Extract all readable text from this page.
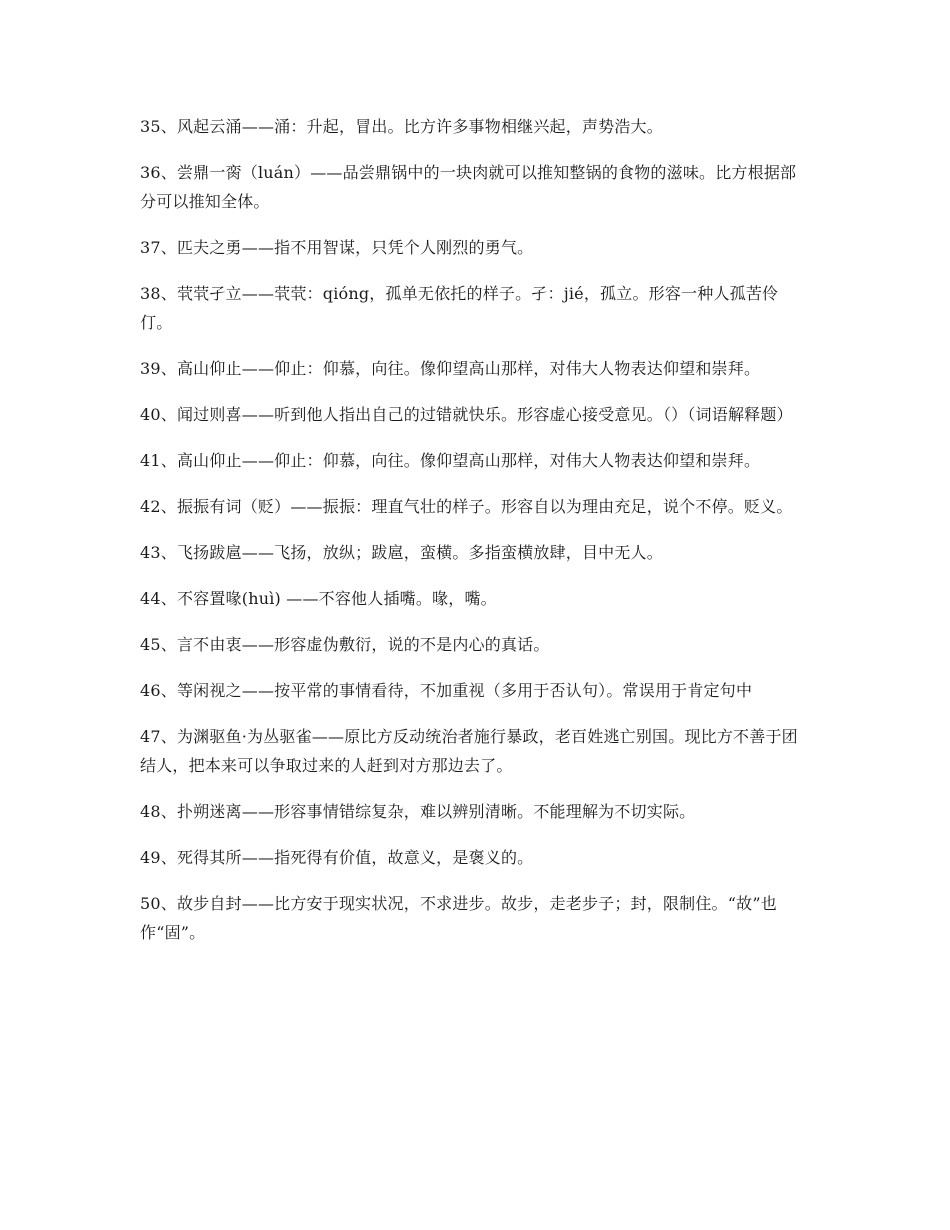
35、风起云涌——涌：升起，冒出。比方许多事物相继兴起，声势浩大。
36、尝鼎一脔（luán）——品尝鼎锅中的一块肉就可以推知整锅的食物的滋味。比方根据部分可以推知全体。
37、匹夫之勇——指不用智谋，只凭个人刚烈的勇气。
38、茕茕孑立——茕茕：qióng，孤单无依托的样子。孑：jié，孤立。形容一种人孤苦伶仃。
39、高山仰止——仰止：仰慕，向往。像仰望高山那样，对伟大人物表达仰望和崇拜。
40、闻过则喜——听到他人指出自己的过错就快乐。形容虚心接受意见。（）（词语解释题）
41、高山仰止——仰止：仰慕，向往。像仰望高山那样，对伟大人物表达仰望和崇拜。
42、振振有词（贬）——振振：理直气壮的样子。形容自以为理由充足，说个不停。贬义。
43、飞扬跋扈——飞扬，放纵；跋扈，蛮横。多指蛮横放肆，目中无人。
44、不容置喙(huì) ——不容他人插嘴。喙，嘴。
45、言不由衷——形容虚伪敷衍，说的不是内心的真话。
46、等闲视之——按平常的事情看待，不加重视（多用于否认句）。常误用于肯定句中
47、为渊驱鱼·为丛驱雀——原比方反动统治者施行暴政，老百姓逃亡别国。现比方不善于团结人，把本来可以争取过来的人赶到对方那边去了。
48、扑朔迷离——形容事情错综复杂，难以辨别清晰。不能理解为不切实际。
49、死得其所——指死得有价值，故意义，是褒义的。
50、故步自封——比方安于现实状况，不求进步。故步，走老步子；封，限制住。“故”也作“固”。
